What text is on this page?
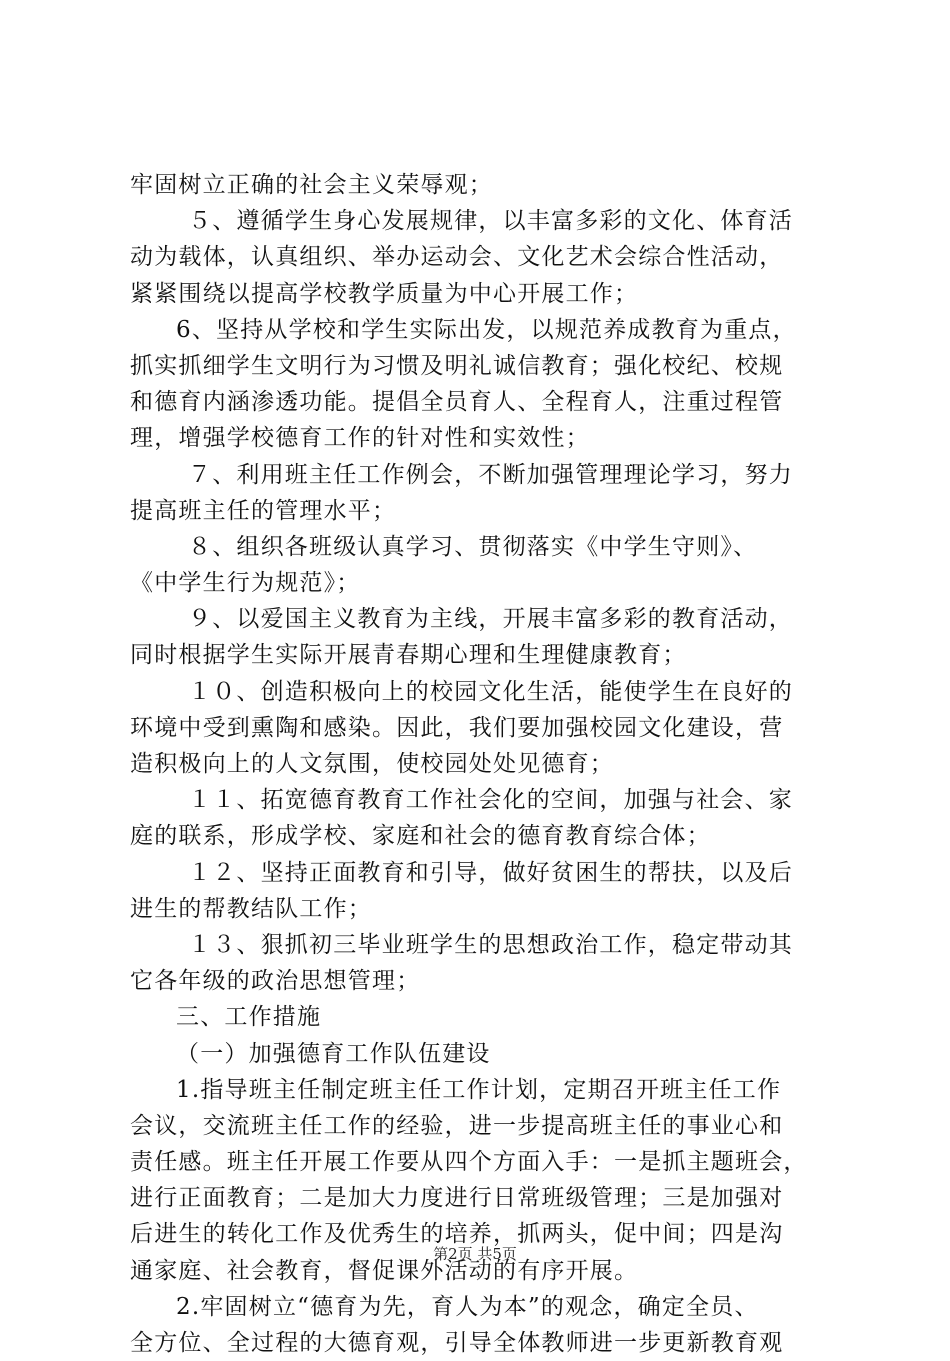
牢固树立正确的社会主义荣辱观；
５、遵循学生身心发展规律，以丰富多彩的文化、体育活
动为载体，认真组织、举办运动会、文化艺术会综合性活动，
紧紧围绕以提高学校教学质量为中心开展工作；
6、坚持从学校和学生实际出发，以规范养成教育为重点，
抓实抓细学生文明行为习惯及明礼诚信教育；强化校纪、校规
和德育内涵渗透功能。提倡全员育人、全程育人，注重过程管
理，增强学校德育工作的针对性和实效性；
７、利用班主任工作例会，不断加强管理理论学习，努力
提高班主任的管理水平；
８、组织各班级认真学习、贯彻落实《中学生守则》、
《中学生行为规范》；
９、以爱国主义教育为主线，开展丰富多彩的教育活动，
同时根据学生实际开展青春期心理和生理健康教育；
１０、创造积极向上的校园文化生活，能使学生在良好的
环境中受到熏陶和感染。因此，我们要加强校园文化建设，营
造积极向上的人文氛围，使校园处处见德育；
１１、拓宽德育教育工作社会化的空间，加强与社会、家
庭的联系，形成学校、家庭和社会的德育教育综合体；
１２、坚持正面教育和引导，做好贫困生的帮扶，以及后
进生的帮教结队工作；
１３、狠抓初三毕业班学生的思想政治工作，稳定带动其
它各年级的政治思想管理；
三、工作措施
（一）加强德育工作队伍建设
1.指导班主任制定班主任工作计划，定期召开班主任工作
会议，交流班主任工作的经验，进一步提高班主任的事业心和
责任感。班主任开展工作要从四个方面入手：一是抓主题班会，
进行正面教育；二是加大力度进行日常班级管理；三是加强对
后进生的转化工作及优秀生的培养，抓两头，促中间；四是沟
通家庭、社会教育，督促课外活动的有序开展。
2.牢固树立“德育为先，育人为本”的观念，确定全员、
全方位、全过程的大德育观，引导全体教师进一步更新教育观
第2页 共5页
